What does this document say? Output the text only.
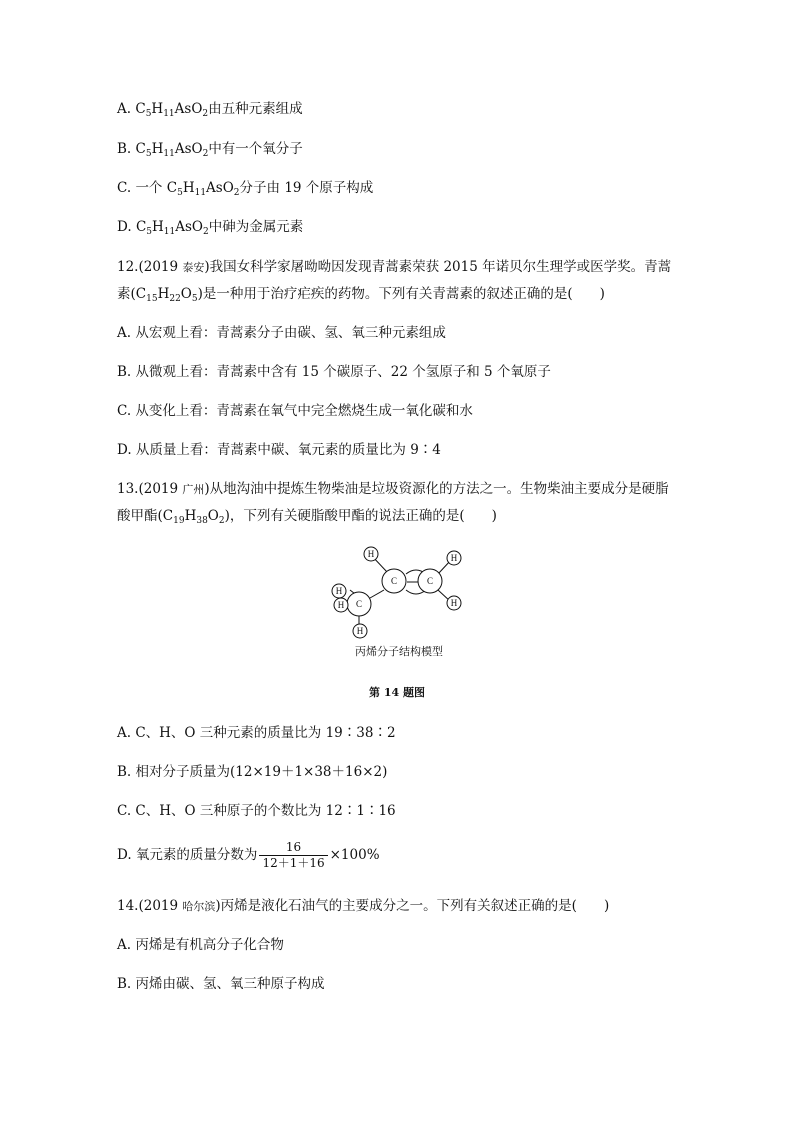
A. $C_5H_{11}AsO_2$由五种元素组成
B. $C_5H_{11}AsO_2$中有一个氧分子
C. 一个 $C_5H_{11}AsO_2$分子由 19 个原子构成
D. $C_5H_{11}AsO_2$中砷为金属元素
12.(2019 泰安)我国女科学家屠呦呦因发现青蒿素荣获 2015 年诺贝尔生理学或医学奖。青蒿
素$(C_{15}H_{22}O_5)$是一种用于治疗疟疾的药物。下列有关青蒿素的叙述正确的是(　　)
A. 从宏观上看：青蒿素分子由碳、氢、氧三种元素组成
B. 从微观上看：青蒿素中含有 15 个碳原子、22 个氢原子和 5 个氧原子
C. 从变化上看：青蒿素在氧气中完全燃烧生成一氧化碳和水
D. 从质量上看：青蒿素中碳、氧元素的质量比为 9∶4
13.(2019 广州)从地沟油中提炼生物柴油是垃圾资源化的方法之一。生物柴油主要成分是硬脂
酸甲酯$(C_{19}H_{38}O_2)$，下列有关硬脂酸甲酯的说法正确的是(　　)
H
C	C
H
H
C
H
H
H
丙烯分子结构模型
第 14 题图
A. C、H、O 三种元素的质量比为 19∶38∶2
B. 相对分子质量为(12×19＋1×38＋16×2)
C. C、H、O 三种原子的个数比为 12∶1∶16
D. 氧元素的质量分数为 $\frac{16}{12+1+16} \times 100\%$
14.(2019 哈尔滨)丙烯是液化石油气的主要成分之一。下列有关叙述正确的是(　　)
A. 丙烯是有机高分子化合物
B. 丙烯由碳、氢、氧三种原子构成
